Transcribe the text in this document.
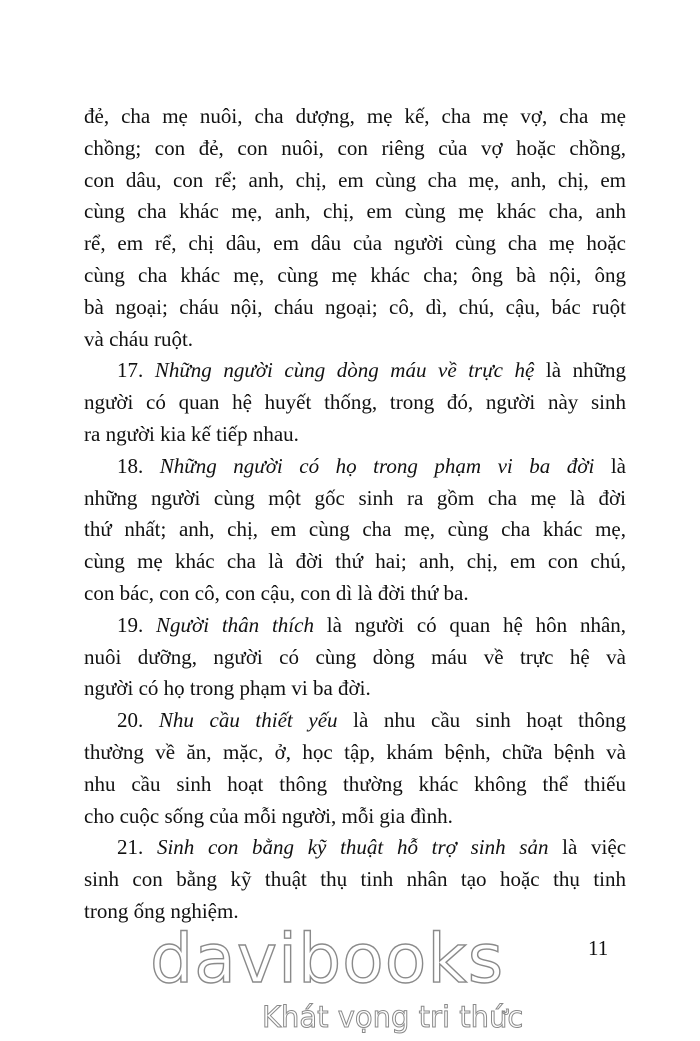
đẻ, cha mẹ nuôi, cha dượng, mẹ kế, cha mẹ vợ, cha mẹ
chồng; con đẻ, con nuôi, con riêng của vợ hoặc chồng,
con dâu, con rể; anh, chị, em cùng cha mẹ, anh, chị, em
cùng cha khác mẹ, anh, chị, em cùng mẹ khác cha, anh
rể, em rể, chị dâu, em dâu của người cùng cha mẹ hoặc
cùng cha khác mẹ, cùng mẹ khác cha; ông bà nội, ông
bà ngoại; cháu nội, cháu ngoại; cô, dì, chú, cậu, bác ruột
và cháu ruột.
17. Những người cùng dòng máu về trực hệ là những
người có quan hệ huyết thống, trong đó, người này sinh
ra người kia kế tiếp nhau.
18. Những người có họ trong phạm vi ba đời là
những người cùng một gốc sinh ra gồm cha mẹ là đời
thứ nhất; anh, chị, em cùng cha mẹ, cùng cha khác mẹ,
cùng mẹ khác cha là đời thứ hai; anh, chị, em con chú,
con bác, con cô, con cậu, con dì là đời thứ ba.
19. Người thân thích là người có quan hệ hôn nhân,
nuôi dưỡng, người có cùng dòng máu về trực hệ và
người có họ trong phạm vi ba đời.
20. Nhu cầu thiết yếu là nhu cầu sinh hoạt thông
thường về ăn, mặc, ở, học tập, khám bệnh, chữa bệnh và
nhu cầu sinh hoạt thông thường khác không thể thiếu
cho cuộc sống của mỗi người, mỗi gia đình.
21. Sinh con bằng kỹ thuật hỗ trợ sinh sản là việc
sinh con bằng kỹ thuật thụ tinh nhân tạo hoặc thụ tinh
trong ống nghiệm.
11
davibooks
Khát vọng tri thức
